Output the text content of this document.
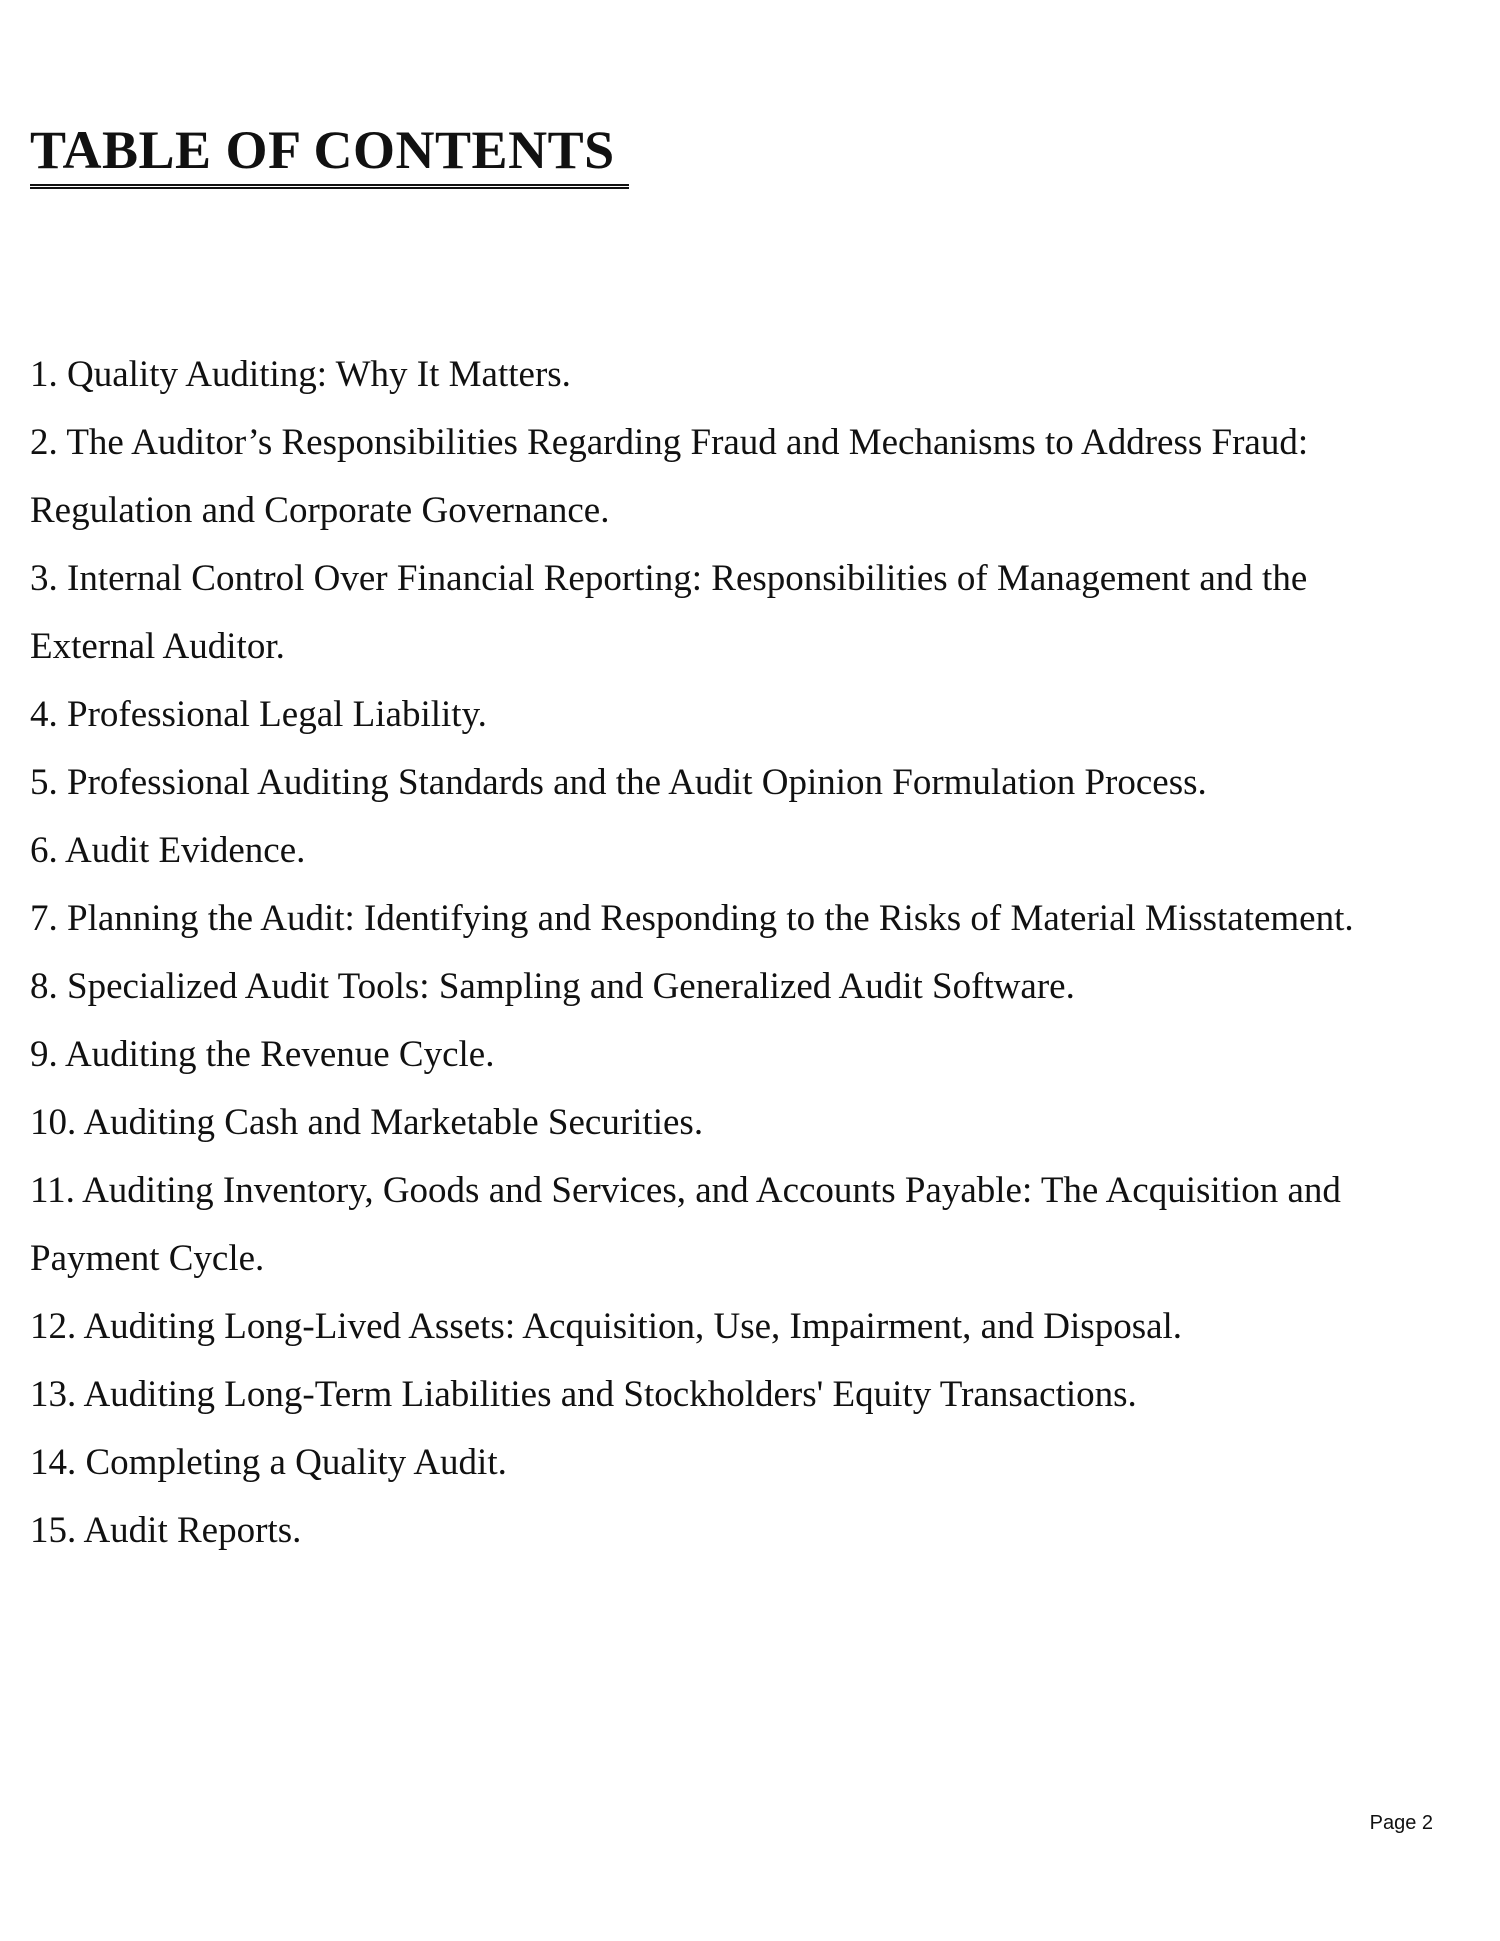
TABLE OF CONTENTS
1. Quality Auditing: Why It Matters.
2. The Auditor’s Responsibilities Regarding Fraud and Mechanisms to Address Fraud:
Regulation and Corporate Governance.
3. Internal Control Over Financial Reporting: Responsibilities of Management and the
External Auditor.
4. Professional Legal Liability.
5. Professional Auditing Standards and the Audit Opinion Formulation Process.
6. Audit Evidence.
7. Planning the Audit: Identifying and Responding to the Risks of Material Misstatement.
8. Specialized Audit Tools: Sampling and Generalized Audit Software.
9. Auditing the Revenue Cycle.
10. Auditing Cash and Marketable Securities.
11. Auditing Inventory, Goods and Services, and Accounts Payable: The Acquisition and
Payment Cycle.
12. Auditing Long-Lived Assets: Acquisition, Use, Impairment, and Disposal.
13. Auditing Long-Term Liabilities and Stockholders' Equity Transactions.
14. Completing a Quality Audit.
15. Audit Reports.
Page 2
